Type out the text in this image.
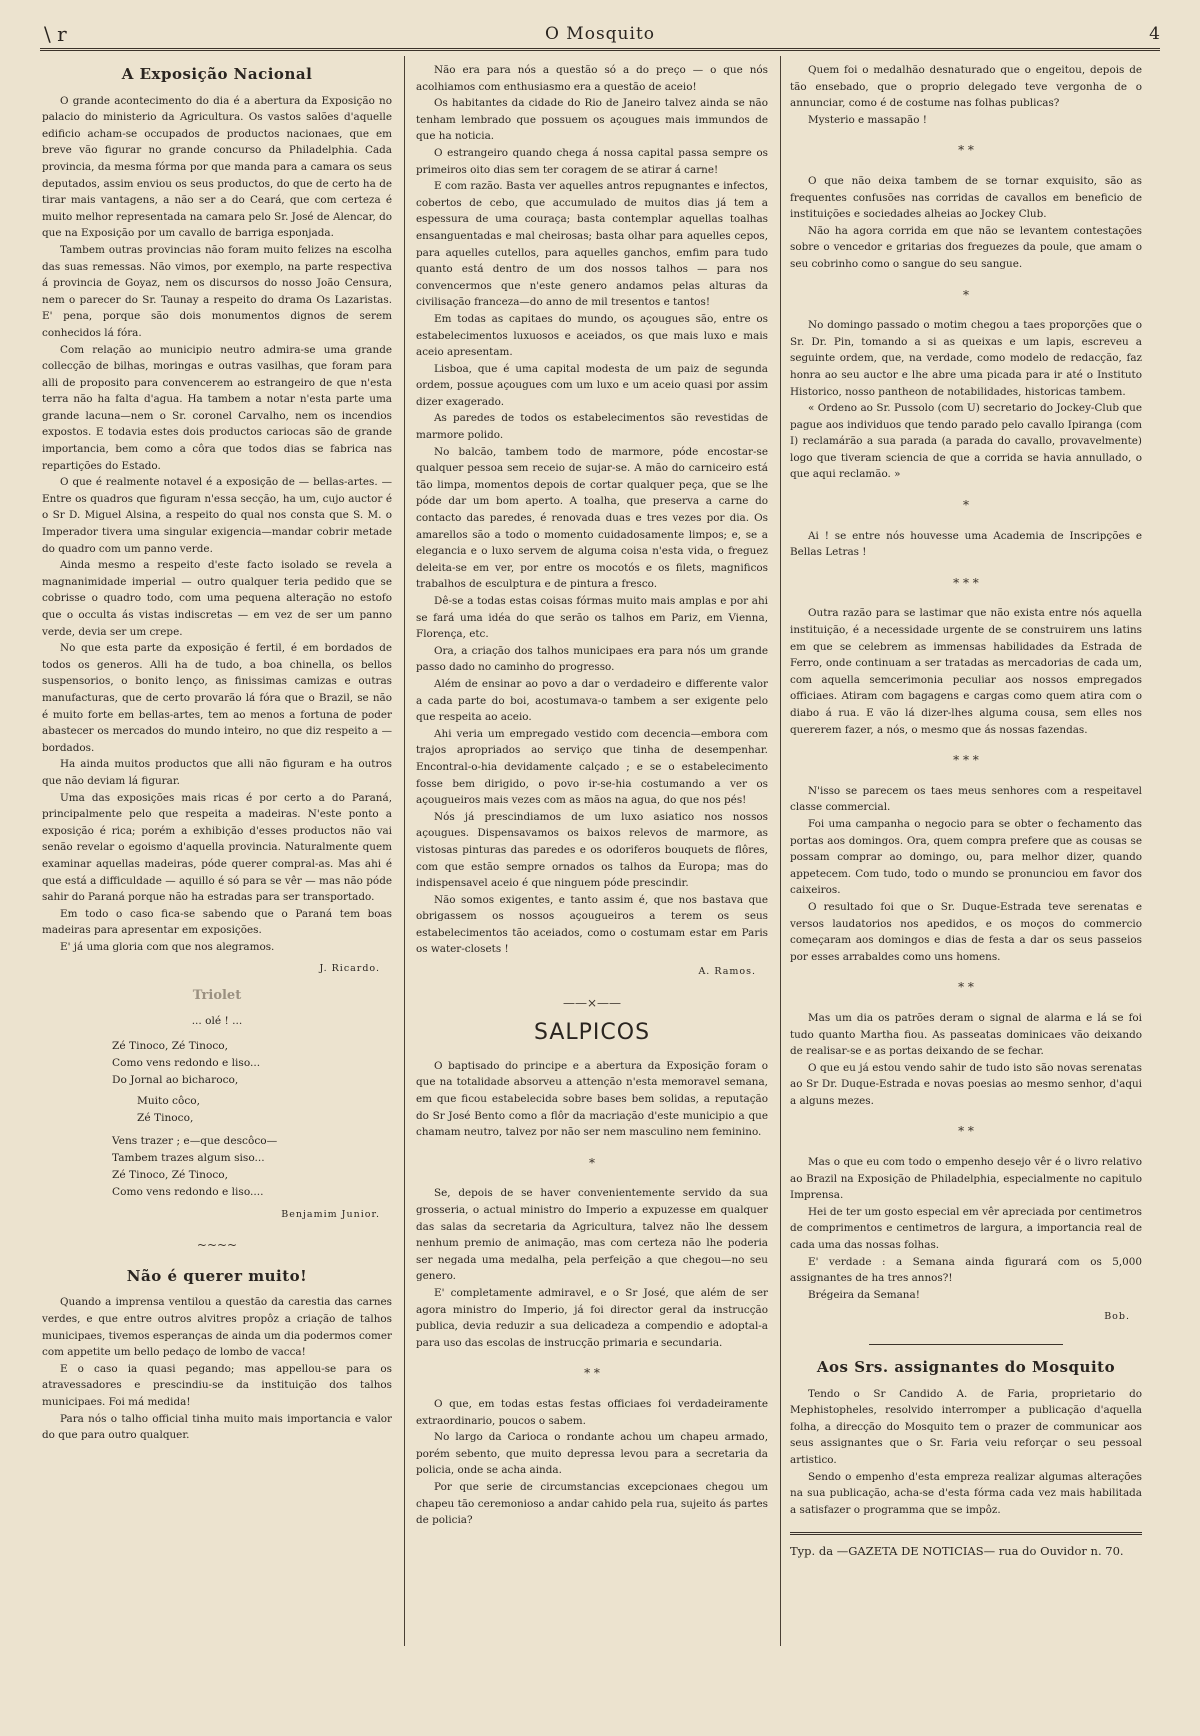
\ r	O Mosquito	4
A Exposição Nacional

O grande acontecimento do dia é a abertura da Exposição no palacio do ministerio da Agricultura. Os vastos salões d'aquelle edificio acham-se occupados de productos nacionaes, que em breve vão figurar no grande concurso da Philadelphia. Cada provincia, da mesma fórma por que manda para a camara os seus deputados, assim enviou os seus productos, do que de certo ha de tirar mais vantagens, a não ser a do Ceará, que com certeza é muito melhor representada na camara pelo Sr. José de Alencar, do que na Exposição por um cavallo de barriga esponjada.

Tambem outras provincias não foram muito felizes na escolha das suas remessas. Não vimos, por exemplo, na parte respectiva á provincia de Goyaz, nem os discursos do nosso João Censura, nem o parecer do Sr. Taunay a respeito do drama Os Lazaristas. E' pena, porque são dois monumentos dignos de serem conhecidos lá fóra.

Com relação ao municipio neutro admira-se uma grande collecção de bilhas, moringas e outras vasilhas, que foram para alli de proposito para convencerem ao estrangeiro de que n'esta terra não ha falta d'agua. Ha tambem a notar n'esta parte uma grande lacuna—nem o Sr. coronel Carvalho, nem os incendios expostos. E todavia estes dois productos cariocas são de grande importancia, bem como a côra que todos dias se fabrica nas repartições do Estado.

O que é realmente notavel é a exposição de — bellas-artes. — Entre os quadros que figuram n'essa secção, ha um, cujo auctor é o Sr D. Miguel Alsina, a respeito do qual nos consta que S. M. o Imperador tivera uma singular exigencia—mandar cobrir metade do quadro com um panno verde.

Ainda mesmo a respeito d'este facto isolado se revela a magnanimidade imperial — outro qualquer teria pedido que se cobrisse o quadro todo, com uma pequena alteração no estofo que o occulta ás vistas indiscretas — em vez de ser um panno verde, devia ser um crepe.

No que esta parte da exposição é fertil, é em bordados de todos os generos. Alli ha de tudo, a boa chinella, os bellos suspensorios, o bonito lenço, as finissimas camizas e outras manufacturas, que de certo provarão lá fóra que o Brazil, se não é muito forte em bellas-artes, tem ao menos a fortuna de poder abastecer os mercados do mundo inteiro, no que diz respeito a — bordados.

Ha ainda muitos productos que alli não figuram e ha outros que não deviam lá figurar.

Uma das exposições mais ricas é por certo a do Paraná, principalmente pelo que respeita a madeiras. N'este ponto a exposição é rica; porém a exhibição d'esses productos não vai senão revelar o egoismo d'aquella provincia. Naturalmente quem examinar aquellas madeiras, póde querer compral-as. Mas ahi é que está a difficuldade — aquillo é só para se vêr — mas não póde sahir do Paraná porque não ha estradas para ser transportado.

Em todo o caso fica-se sabendo que o Paraná tem boas madeiras para apresentar em exposições.

E' já uma gloria com que nos alegramos.

J. Ricardo.
Triolet
... olé ! ...
Zé Tinoco, Zé Tinoco,
Como vens redondo e liso...
Do Jornal ao bicharoco,
Muito côco,
Zé Tinoco,
Vens trazer ; e—que descôco—
Tambem trazes algum siso...
Zé Tinoco, Zé Tinoco,
Como vens redondo e liso....
Benjamim Junior.
~~~~
Não é querer muito!

Quando a imprensa ventilou a questão da carestia das carnes verdes, e que entre outros alvitres propôz a criação de talhos municipaes, tivemos esperanças de ainda um dia podermos comer com appetite um bello pedaço de lombo de vacca!

E o caso ia quasi pegando; mas appellou-se para os atravessadores e prescindiu-se da instituição dos talhos municipaes. Foi má medida!

Para nós o talho official tinha muito mais importancia e valor do que para outro qualquer.

Não era para nós a questão só a do preço — o que nós acolhiamos com enthusiasmo era a questão de aceio!

Os habitantes da cidade do Rio de Janeiro talvez ainda se não tenham lembrado que possuem os açougues mais immundos de que ha noticia.

O estrangeiro quando chega á nossa capital passa sempre os primeiros oito dias sem ter coragem de se atirar á carne!

E com razão. Basta ver aquelles antros repugnantes e infectos, cobertos de cebo, que accumulado de muitos dias já tem a espessura de uma couraça; basta contemplar aquellas toalhas ensanguentadas e mal cheirosas; basta olhar para aquelles cepos, para aquelles cutellos, para aquelles ganchos, emfim para tudo quanto está dentro de um dos nossos talhos — para nos convencermos que n'este genero andamos pelas alturas da civilisação franceza—do anno de mil tresentos e tantos!

Em todas as capitaes do mundo, os açougues são, entre os estabelecimentos luxuosos e aceiados, os que mais luxo e mais aceio apresentam.

Lisboa, que é uma capital modesta de um paiz de segunda ordem, possue açougues com um luxo e um aceio quasi por assim dizer exagerado.

As paredes de todos os estabelecimentos são revestidas de marmore polido.

No balcão, tambem todo de marmore, póde encostar-se qualquer pessoa sem receio de sujar-se. A mão do carniceiro está tão limpa, momentos depois de cortar qualquer peça, que se lhe póde dar um bom aperto. A toalha, que preserva a carne do contacto das paredes, é renovada duas e tres vezes por dia. Os amarellos são a todo o momento cuidadosamente limpos; e, se a elegancia e o luxo servem de alguma coisa n'esta vida, o freguez deleita-se em ver, por entre os mocotós e os filets, magnificos trabalhos de esculptura e de pintura a fresco.

Dê-se a todas estas coisas fórmas muito mais amplas e por ahi se fará uma idéa do que serão os talhos em Pariz, em Vienna, Florença, etc.

Ora, a criação dos talhos municipaes era para nós um grande passo dado no caminho do progresso.

Além de ensinar ao povo a dar o verdadeiro e differente valor a cada parte do boi, acostumava-o tambem a ser exigente pelo que respeita ao aceio.

Ahi veria um empregado vestido com decencia—embora com trajos apropriados ao serviço que tinha de desempenhar. Encontral-o-hia devidamente calçado ; e se o estabelecimento fosse bem dirigido, o povo ir-se-hia costumando a ver os açougueiros mais vezes com as mãos na agua, do que nos pés!

Nós já prescindiamos de um luxo asiatico nos nossos açougues. Dispensavamos os baixos relevos de marmore, as vistosas pinturas das paredes e os odoriferos bouquets de flôres, com que estão sempre ornados os talhos da Europa; mas do indispensavel aceio é que ninguem póde prescindir.

Não somos exigentes, e tanto assim é, que nos bastava que obrigassem os nossos açougueiros a terem os seus estabelecimentos tão aceiados, como o costumam estar em Paris os water-closets !

A. Ramos.
——×——
SALPICOS

O baptisado do principe e a abertura da Exposição foram o que na totalidade absorveu a attenção n'esta memoravel semana, em que ficou estabelecida sobre bases bem solidas, a reputação do Sr José Bento como a flôr da macriação d'este municipio a que chamam neutro, talvez por não ser nem masculino nem feminino.

*

Se, depois de se haver convenientemente servido da sua grosseria, o actual ministro do Imperio a expuzesse em qualquer das salas da secretaria da Agricultura, talvez não lhe dessem nenhum premio de animação, mas com certeza não lhe poderia ser negada uma medalha, pela perfeição a que chegou—no seu genero.

E' completamente admiravel, e o Sr José, que além de ser agora ministro do Imperio, já foi director geral da instrucção publica, devia reduzir a sua delicadeza a compendio e adoptal-a para uso das escolas de instrucção primaria e secundaria.

* *

O que, em todas estas festas officiaes foi verdadeiramente extraordinario, poucos o sabem.

No largo da Carioca o rondante achou um chapeu armado, porém sebento, que muito depressa levou para a secretaria da policia, onde se acha ainda.

Por que serie de circumstancias excepcionaes chegou um chapeu tão ceremonioso a andar cahido pela rua, sujeito ás partes de policia?

Quem foi o medalhão desnaturado que o engeitou, depois de tão ensebado, que o proprio delegado teve vergonha de o annunciar, como é de costume nas folhas publicas?

Mysterio e massapão !

* *

O que não deixa tambem de se tornar exquisito, são as frequentes confusões nas corridas de cavallos em beneficio de instituições e sociedades alheias ao Jockey Club.

Não ha agora corrida em que não se levantem contestações sobre o vencedor e gritarias dos freguezes da poule, que amam o seu cobrinho como o sangue do seu sangue.

*

No domingo passado o motim chegou a taes proporções que o Sr. Dr. Pin, tomando a si as queixas e um lapis, escreveu a seguinte ordem, que, na verdade, como modelo de redacção, faz honra ao seu auctor e lhe abre uma picada para ir até o Instituto Historico, nosso pantheon de notabilidades, historicas tambem.

« Ordeno ao Sr. Pussolo (com U) secretario do Jockey-Club que pague aos individuos que tendo parado pelo cavallo Ipiranga (com I) reclamárão a sua parada (a parada do cavallo, provavelmente) logo que tiveram sciencia de que a corrida se havia annullado, o que aqui reclamão. »

*

Ai ! se entre nós houvesse uma Academia de Inscripções e Bellas Letras !

* * *

Outra razão para se lastimar que não exista entre nós aquella instituição, é a necessidade urgente de se construirem uns latins em que se celebrem as immensas habilidades da Estrada de Ferro, onde continuam a ser tratadas as mercadorias de cada um, com aquella semcerimonia peculiar aos nossos empregados officiaes. Atiram com bagagens e cargas como quem atira com o diabo á rua. E vão lá dizer-lhes alguma cousa, sem elles nos quererem fazer, a nós, o mesmo que ás nossas fazendas.

* * *

N'isso se parecem os taes meus senhores com a respeitavel classe commercial.

Foi uma campanha o negocio para se obter o fechamento das portas aos domingos. Ora, quem compra prefere que as cousas se possam comprar ao domingo, ou, para melhor dizer, quando appetecem. Com tudo, todo o mundo se pronunciou em favor dos caixeiros.

O resultado foi que o Sr. Duque-Estrada teve serenatas e versos laudatorios nos apedidos, e os moços do commercio começaram aos domingos e dias de festa a dar os seus passeios por esses arrabaldes como uns homens.

* *

Mas um dia os patrões deram o signal de alarma e lá se foi tudo quanto Martha fiou. As passeatas dominicaes vão deixando de realisar-se e as portas deixando de se fechar.

O que eu já estou vendo sahir de tudo isto são novas serenatas ao Sr Dr. Duque-Estrada e novas poesias ao mesmo senhor, d'aqui a alguns mezes.

* *

Mas o que eu com todo o empenho desejo vêr é o livro relativo ao Brazil na Exposição de Philadelphia, especialmente no capitulo Imprensa.

Hei de ter um gosto especial em vêr apreciada por centimetros de comprimentos e centimetros de largura, a importancia real de cada uma das nossas folhas.

E' verdade : a Semana ainda figurará com os 5,000 assignantes de ha tres annos?!

Brégeira da Semana!

Bob.
Aos Srs. assignantes do Mosquito

Tendo o Sr Candido A. de Faria, proprietario do Mephistopheles, resolvido interromper a publicação d'aquella folha, a direcção do Mosquito tem o prazer de communicar aos seus assignantes que o Sr. Faria veiu reforçar o seu pessoal artistico.

Sendo o empenho d'esta empreza realizar algumas alterações na sua publicação, acha-se d'esta fórma cada vez mais habilitada a satisfazer o programma que se impôz.

Typ. da —GAZETA DE NOTICIAS— rua do Ouvidor n. 70.
